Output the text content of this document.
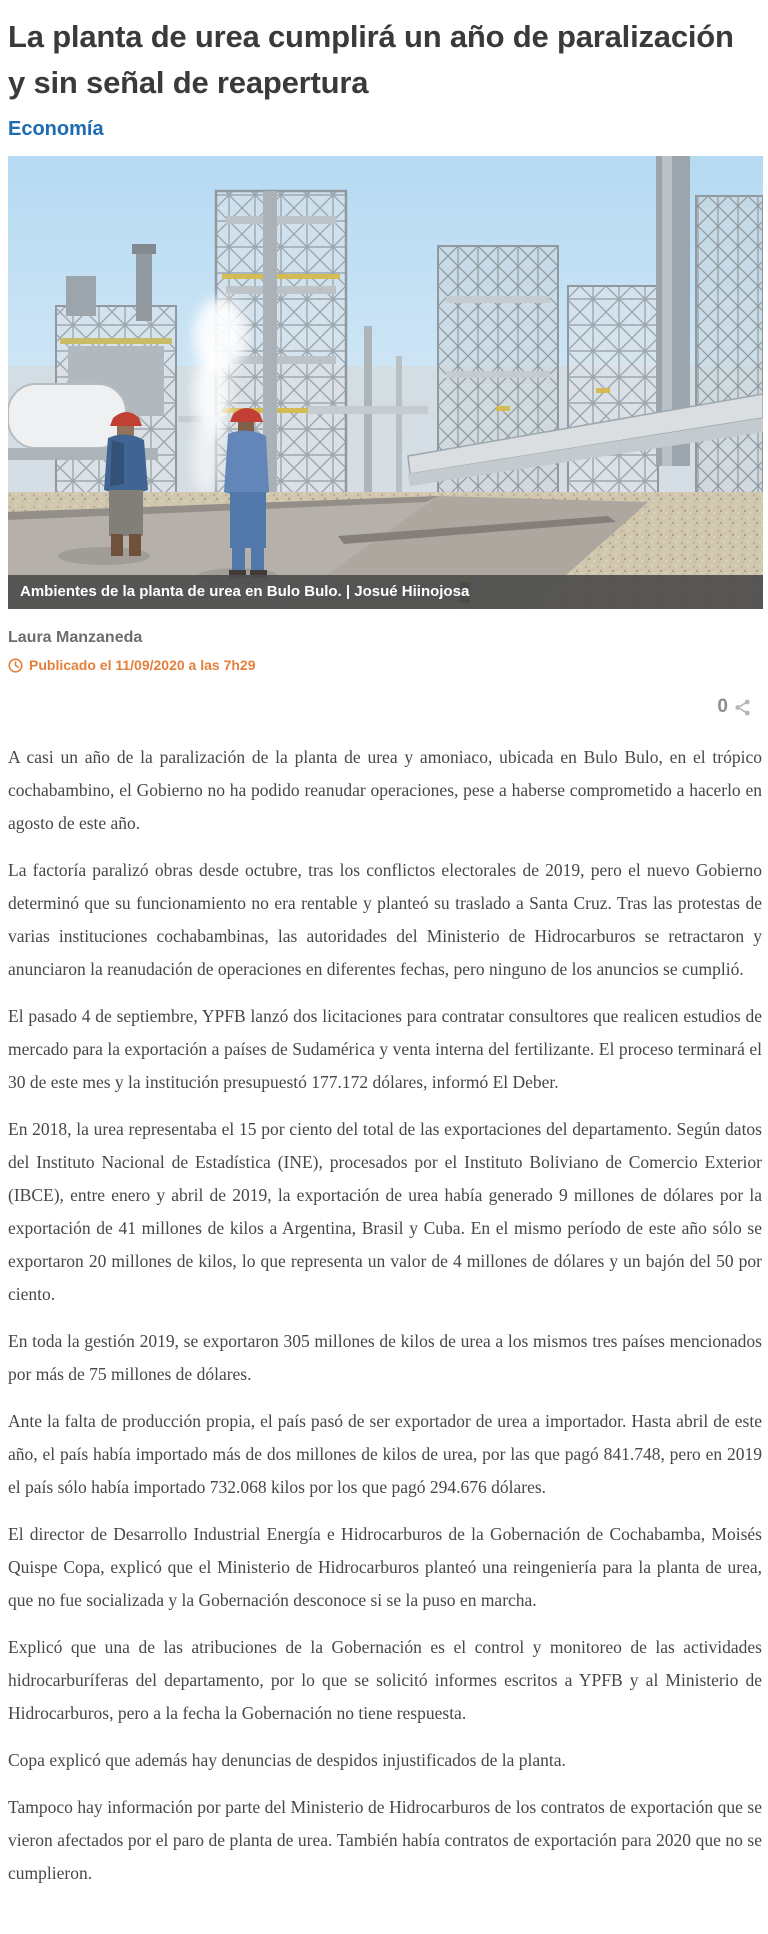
La planta de urea cumplirá un año de paralización y sin señal de reapertura
Economía
Ambientes de la planta de urea en Bulo Bulo. | Josué Hiinojosa
Laura Manzaneda
Publicado el 11/09/2020 a las 7h29
0

A casi un año de la paralización de la planta de urea y amoniaco, ubicada en Bulo Bulo, en el trópico cochabambino, el Gobierno no ha podido reanudar operaciones, pese a haberse comprometido a hacerlo en agosto de este año.

La factoría paralizó obras desde octubre, tras los conflictos electorales de 2019, pero el nuevo Gobierno determinó que su funcionamiento no era rentable y planteó su traslado a Santa Cruz. Tras las protestas de varias instituciones cochabambinas, las autoridades del Ministerio de Hidrocarburos se retractaron y anunciaron la reanudación de operaciones en diferentes fechas, pero ninguno de los anuncios se cumplió.

El pasado 4 de septiembre, YPFB lanzó dos licitaciones para contratar consultores que realicen estudios de mercado para la exportación a países de Sudamérica y venta interna del fertilizante. El proceso terminará el 30 de este mes y la institución presupuestó 177.172 dólares, informó El Deber.

En 2018, la urea representaba el 15 por ciento del total de las exportaciones del departamento. Según datos del Instituto Nacional de Estadística (INE), procesados por el Instituto Boliviano de Comercio Exterior (IBCE), entre enero y abril de 2019, la exportación de urea había generado 9 millones de dólares por la exportación de 41 millones de kilos a Argentina, Brasil y Cuba. En el mismo período de este año sólo se exportaron 20 millones de kilos, lo que representa un valor de 4 millones de dólares y un bajón del 50 por ciento.

En toda la gestión 2019, se exportaron 305 millones de kilos de urea a los mismos tres países mencionados por más de 75 millones de dólares.

Ante la falta de producción propia, el país pasó de ser exportador de urea a importador. Hasta abril de este año, el país había importado más de dos millones de kilos de urea, por las que pagó 841.748, pero en 2019 el país sólo había importado 732.068 kilos por los que pagó 294.676 dólares.

El director de Desarrollo Industrial Energía e Hidrocarburos de la Gobernación de Cochabamba, Moisés Quispe Copa, explicó que el Ministerio de Hidrocarburos planteó una reingeniería para la planta de urea, que no fue socializada y la Gobernación desconoce si se la puso en marcha.

Explicó que una de las atribuciones de la Gobernación es el control y monitoreo de las actividades hidrocarburíferas del departamento, por lo que se solicitó informes escritos a YPFB y al Ministerio de Hidrocarburos, pero a la fecha la Gobernación no tiene respuesta.

Copa explicó que además hay denuncias de despidos injustificados de la planta.

Tampoco hay información por parte del Ministerio de Hidrocarburos de los contratos de exportación que se vieron afectados por el paro de planta de urea. También había contratos de exportación para 2020 que no se cumplieron.
